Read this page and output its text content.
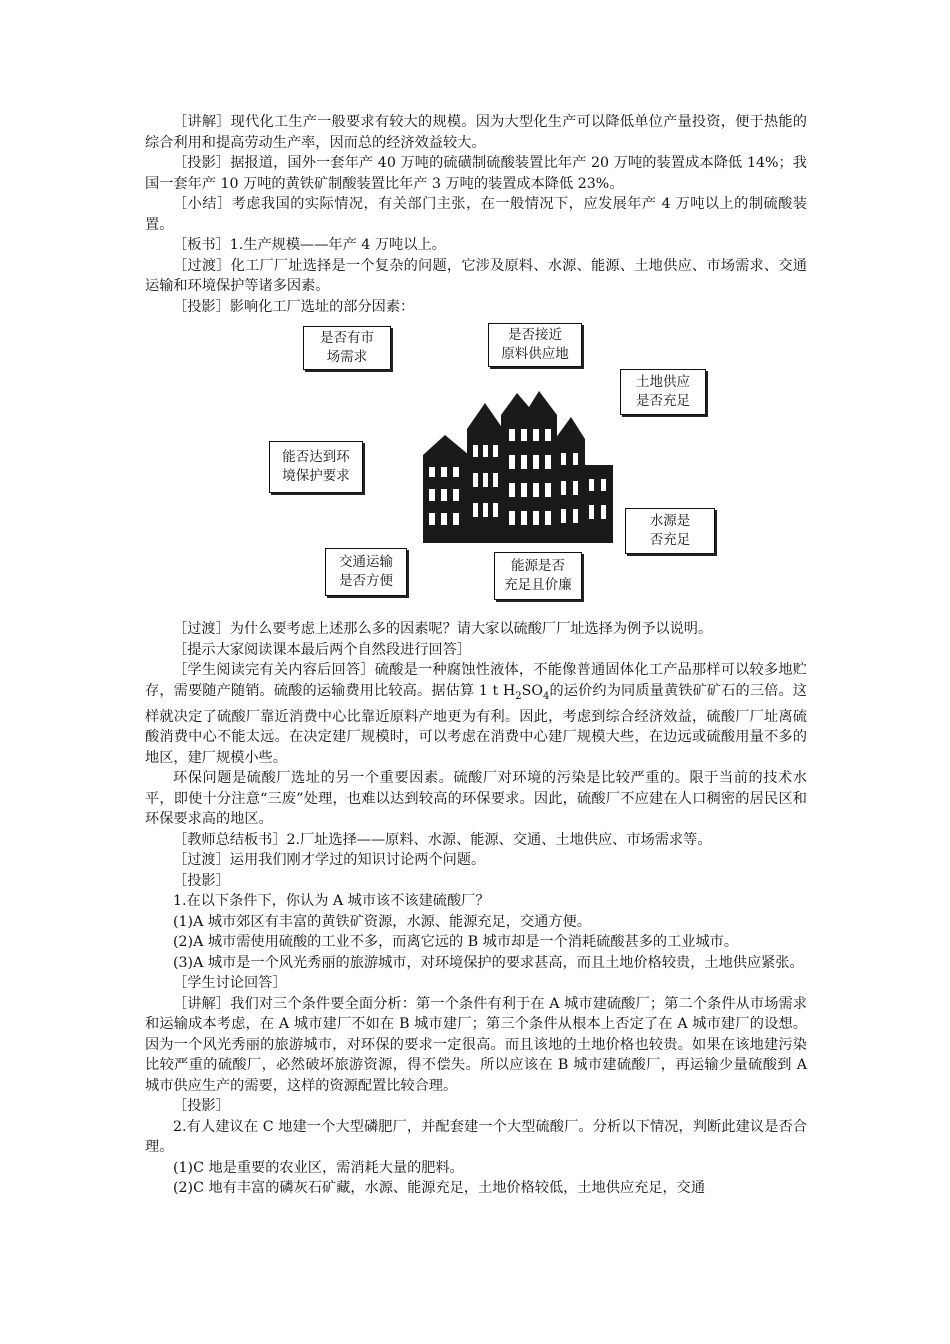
［讲解］现代化工生产一般要求有较大的规模。因为大型化生产可以降低单位产量投资，便于热能的综合利用和提高劳动生产率，因而总的经济效益较大。

［投影］据报道，国外一套年产 40 万吨的硫磺制硫酸装置比年产 20 万吨的装置成本降低 14%；我国一套年产 10 万吨的黄铁矿制酸装置比年产 3 万吨的装置成本降低 23%。

［小结］考虑我国的实际情况，有关部门主张，在一般情况下，应发展年产 4 万吨以上的制硫酸装置。

［板书］1.生产规模——年产 4 万吨以上。

［过渡］化工厂厂址选择是一个复杂的问题，它涉及原料、水源、能源、土地供应、市场需求、交通运输和环境保护等诸多因素。

［投影］影响化工厂选址的部分因素：

是否有市
场需求
是否接近
原料供应地
土地供应
是否充足
能否达到环
境保护要求
水源是
否充足
交通运输
是否方便
能源是否
充足且价廉

［过渡］为什么要考虑上述那么多的因素呢？请大家以硫酸厂厂址选择为例予以说明。

［提示大家阅读课本最后两个自然段进行回答］

［学生阅读完有关内容后回答］硫酸是一种腐蚀性液体，不能像普通固体化工产品那样可以较多地贮存，需要随产随销。硫酸的运输费用比较高。据估算 1 t $H_2SO_4$的运价约为同质量黄铁矿矿石的三倍。这样就决定了硫酸厂靠近消费中心比靠近原料产地更为有利。因此，考虑到综合经济效益，硫酸厂厂址离硫酸消费中心不能太远。在决定建厂规模时，可以考虑在消费中心建厂规模大些，在边远或硫酸用量不多的地区，建厂规模小些。

环保问题是硫酸厂选址的另一个重要因素。硫酸厂对环境的污染是比较严重的。限于当前的技术水平，即使十分注意“三废”处理，也难以达到较高的环保要求。因此，硫酸厂不应建在人口稠密的居民区和环保要求高的地区。

［教师总结板书］2.厂址选择——原料、水源、能源、交通、土地供应、市场需求等。

［过渡］运用我们刚才学过的知识讨论两个问题。

［投影］

1.在以下条件下，你认为 A 城市该不该建硫酸厂？

(1)A 城市郊区有丰富的黄铁矿资源，水源、能源充足，交通方便。

(2)A 城市需使用硫酸的工业不多，而离它远的 B 城市却是一个消耗硫酸甚多的工业城市。

(3)A 城市是一个风光秀丽的旅游城市，对环境保护的要求甚高，而且土地价格较贵，土地供应紧张。

［学生讨论回答］

［讲解］我们对三个条件要全面分析：第一个条件有利于在 A 城市建硫酸厂；第二个条件从市场需求和运输成本考虑，在 A 城市建厂不如在 B 城市建厂；第三个条件从根本上否定了在 A 城市建厂的设想。因为一个风光秀丽的旅游城市，对环保的要求一定很高。而且该地的土地价格也较贵。如果在该地建污染比较严重的硫酸厂，必然破坏旅游资源，得不偿失。所以应该在 B 城市建硫酸厂，再运输少量硫酸到 A 城市供应生产的需要，这样的资源配置比较合理。

［投影］

2.有人建议在 C 地建一个大型磷肥厂，并配套建一个大型硫酸厂。分析以下情况，判断此建议是否合理。

(1)C 地是重要的农业区，需消耗大量的肥料。

(2)C 地有丰富的磷灰石矿藏，水源、能源充足，土地价格较低，土地供应充足，交通
